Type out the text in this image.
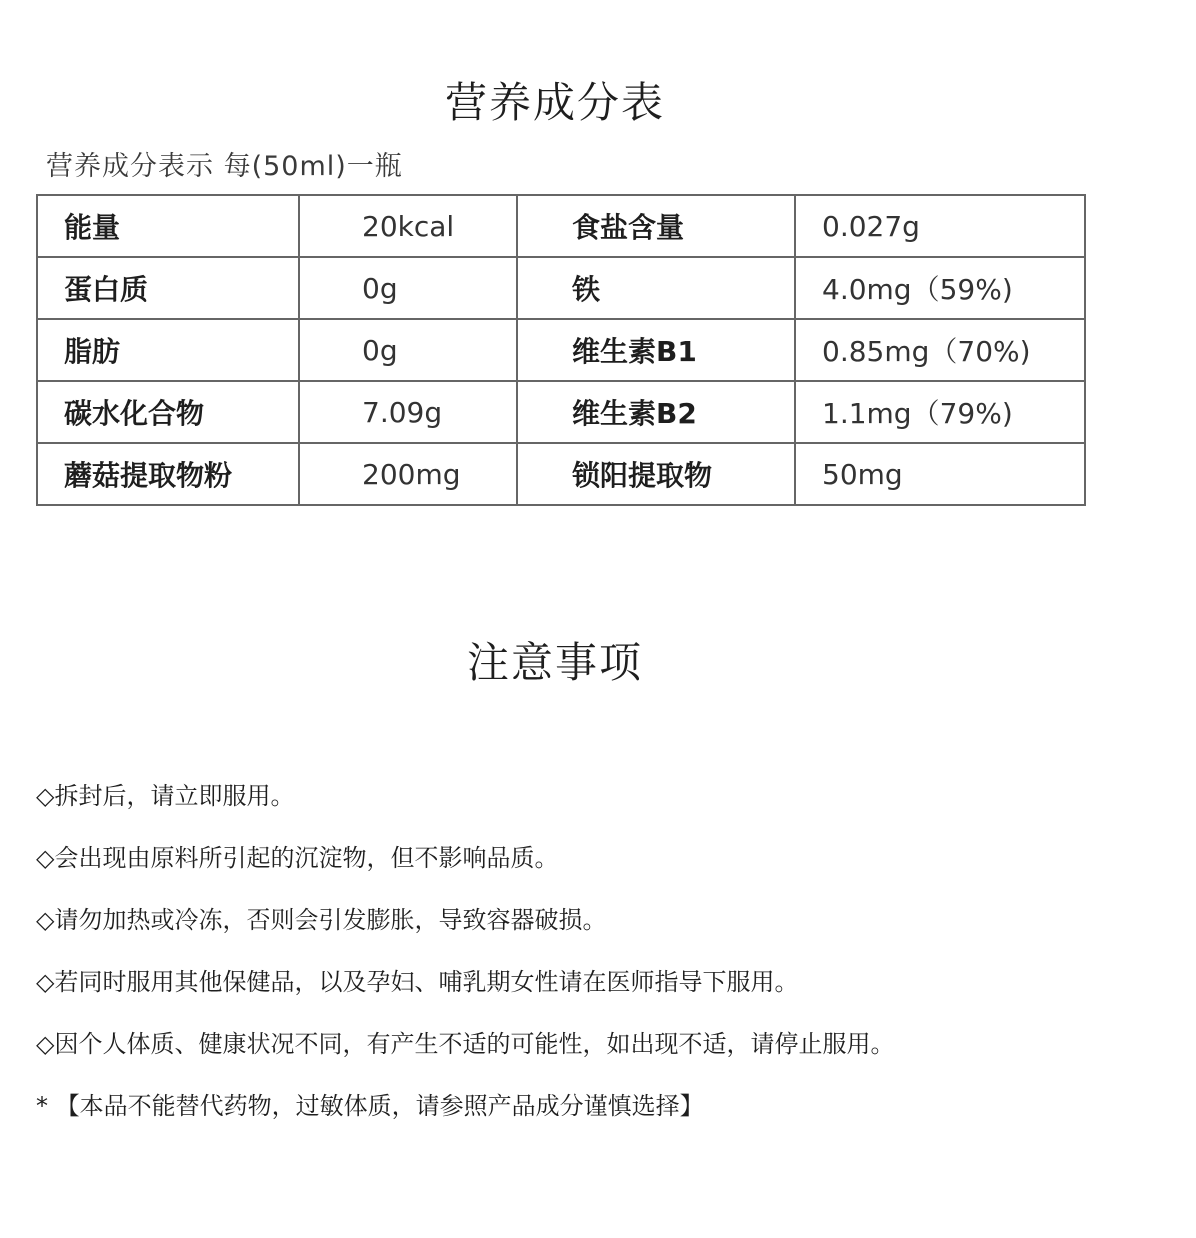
营养成分表
营养成分表示 每(50ml)一瓶
能量	20kcal	食盐含量	0.027g
蛋白质	0g	铁	4.0mg（59%)
脂肪	0g	维生素B1	0.85mg（70%)
碳水化合物	7.09g	维生素B2	1.1mg（79%)
蘑菇提取物粉	200mg	锁阳提取物	50mg
注意事项
◇拆封后，请立即服用。
◇会出现由原料所引起的沉淀物，但不影响品质。
◇请勿加热或冷冻，否则会引发膨胀，导致容器破损。
◇若同时服用其他保健品，以及孕妇、哺乳期女性请在医师指导下服用。
◇因个人体质、健康状况不同，有产生不适的可能性，如出现不适，请停止服用。
* 【本品不能替代药物，过敏体质，请参照产品成分谨慎选择】
